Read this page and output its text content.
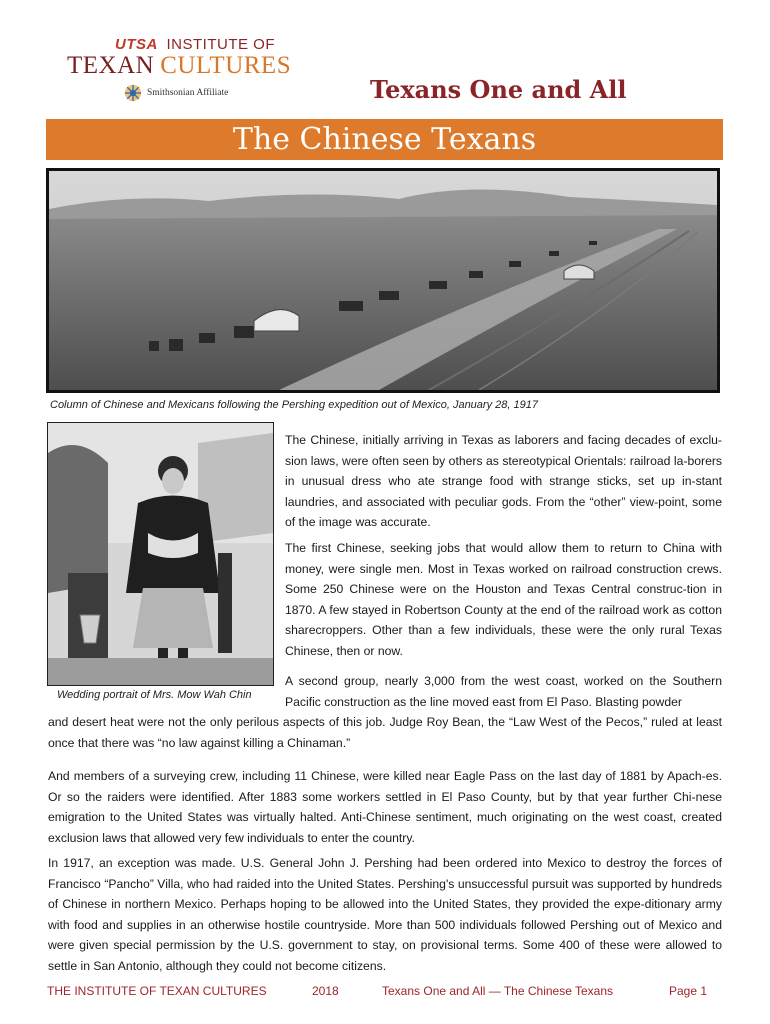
UTSA INSTITUTE OF
TEXAN CULTURES
Smithsonian Affiliate	Texans One and All
The Chinese Texans
Column of Chinese and Mexicans following the Pershing expedition out of Mexico, January 28, 1917
Wedding portrait of Mrs. Mow Wah Chin
The Chinese, initially arriving in Texas as laborers and facing decades of exclu-sion laws, were often seen by others as stereotypical Orientals: railroad la-borers in unusual dress who ate strange food with strange sticks, set up in-stant laundries, and associated with peculiar gods. From the “other” view-point, some of the image was accurate.
The first Chinese, seeking jobs that would allow them to return to China with money, were single men. Most in Texas worked on railroad construction crews. Some 250 Chinese were on the Houston and Texas Central construc-tion in 1870. A few stayed in Robertson County at the end of the railroad work as cotton sharecroppers. Other than a few individuals, these were the only rural Texas Chinese, then or now.
A second group, nearly 3,000 from the west coast, worked on the Southern Pacific construction as the line moved east from El Paso. Blasting powder
and desert heat were not the only perilous aspects of this job. Judge Roy Bean, the “Law West of the Pecos,” ruled at least once that there was “no law against killing a Chinaman.”
And members of a surveying crew, including 11 Chinese, were killed near Eagle Pass on the last day of 1881 by Apach-es. Or so the raiders were identified. After 1883 some workers settled in El Paso County, but by that year further Chi-nese emigration to the United States was virtually halted. Anti-Chinese sentiment, much originating on the west coast, created exclusion laws that allowed very few individuals to enter the country.
In 1917, an exception was made. U.S. General John J. Pershing had been ordered into Mexico to destroy the forces of Francisco “Pancho” Villa, who had raided into the United States. Pershing's unsuccessful pursuit was supported by hundreds of Chinese in northern Mexico. Perhaps hoping to be allowed into the United States, they provided the expe-ditionary army with food and supplies in an otherwise hostile countryside. More than 500 individuals followed Pershing out of Mexico and were given special permission by the U.S. government to stay, on provisional terms. Some 400 of these were allowed to settle in San Antonio, although they could not become citizens.
THE INSTITUTE OF TEXAN CULTURES	2018	Texans One and All — The Chinese Texans	Page 1
